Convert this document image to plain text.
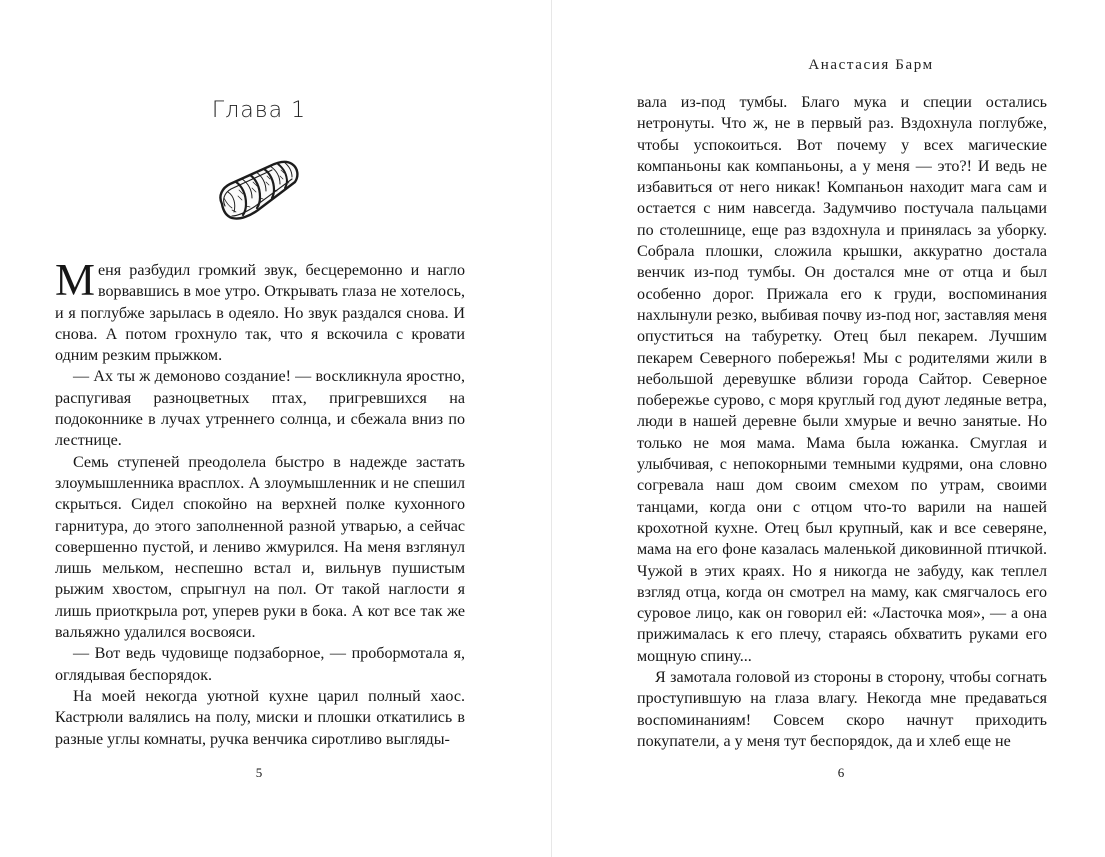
Глава 1

Меня разбудил громкий звук, бесцеремонно и нагло ворвавшись в мое утро. Открывать глаза не хотелось, и я поглубже зарылась в одеяло. Но звук раздался снова. И снова. А потом грохнуло так, что я вскочила с кровати одним резким прыжком.

— Ах ты ж демоново создание! — воскликнула яростно, распугивая разноцветных птах, пригревшихся на подоконнике в лучах утреннего солнца, и сбежала вниз по лестнице.

Семь ступеней преодолела быстро в надежде застать злоумышленника врасплох. А злоумышленник и не спешил скрыться. Сидел спокойно на верхней полке кухонного гарнитура, до этого заполненной разной утварью, а сейчас совершенно пустой, и лениво жмурился. На меня взглянул лишь мельком, неспешно встал и, вильнув пушистым рыжим хвостом, спрыгнул на пол. От такой наглости я лишь приоткрыла рот, уперев руки в бока. А кот все так же вальяжно удалился восвояси.

— Вот ведь чудовище подзаборное, — пробормотала я, оглядывая беспорядок.

На моей некогда уютной кухне царил полный хаос. Кастрюли валялись на полу, миски и плошки откатились в разные углы комнаты, ручка венчика сиротливо выгляды-

5
Анастасия Барм

вала из-под тумбы. Благо мука и специи остались нетронуты. Что ж, не в первый раз. Вздохнула поглубже, чтобы успокоиться. Вот почему у всех магические компаньоны как компаньоны, а у меня — это?! И ведь не избавиться от него никак! Компаньон находит мага сам и остается с ним навсегда. Задумчиво постучала пальцами по столешнице, еще раз вздохнула и принялась за уборку. Собрала плошки, сложила крышки, аккуратно достала венчик из-под тумбы. Он достался мне от отца и был особенно дорог. Прижала его к груди, воспоминания нахлынули резко, выбивая почву из-под ног, заставляя меня опуститься на табуретку. Отец был пекарем. Лучшим пекарем Северного побережья! Мы с родителями жили в небольшой деревушке вблизи города Сайтор. Северное побережье сурово, с моря круглый год дуют ледяные ветра, люди в нашей деревне были хмурые и вечно занятые. Но только не моя мама. Мама была южанка. Смуглая и улыбчивая, с непокорными темными кудрями, она словно согревала наш дом своим смехом по утрам, своими танцами, когда они с отцом что-то варили на нашей крохотной кухне. Отец был крупный, как и все северяне, мама на его фоне казалась маленькой диковинной птичкой. Чужой в этих краях. Но я никогда не забуду, как теплел взгляд отца, когда он смотрел на маму, как смягчалось его суровое лицо, как он говорил ей: «Ласточка моя», — а она прижималась к его плечу, стараясь обхватить руками его мощную спину...

Я замотала головой из стороны в сторону, чтобы согнать проступившую на глаза влагу. Некогда мне предаваться воспоминаниям! Совсем скоро начнут приходить покупатели, а у меня тут беспорядок, да и хлеб еще не

6
